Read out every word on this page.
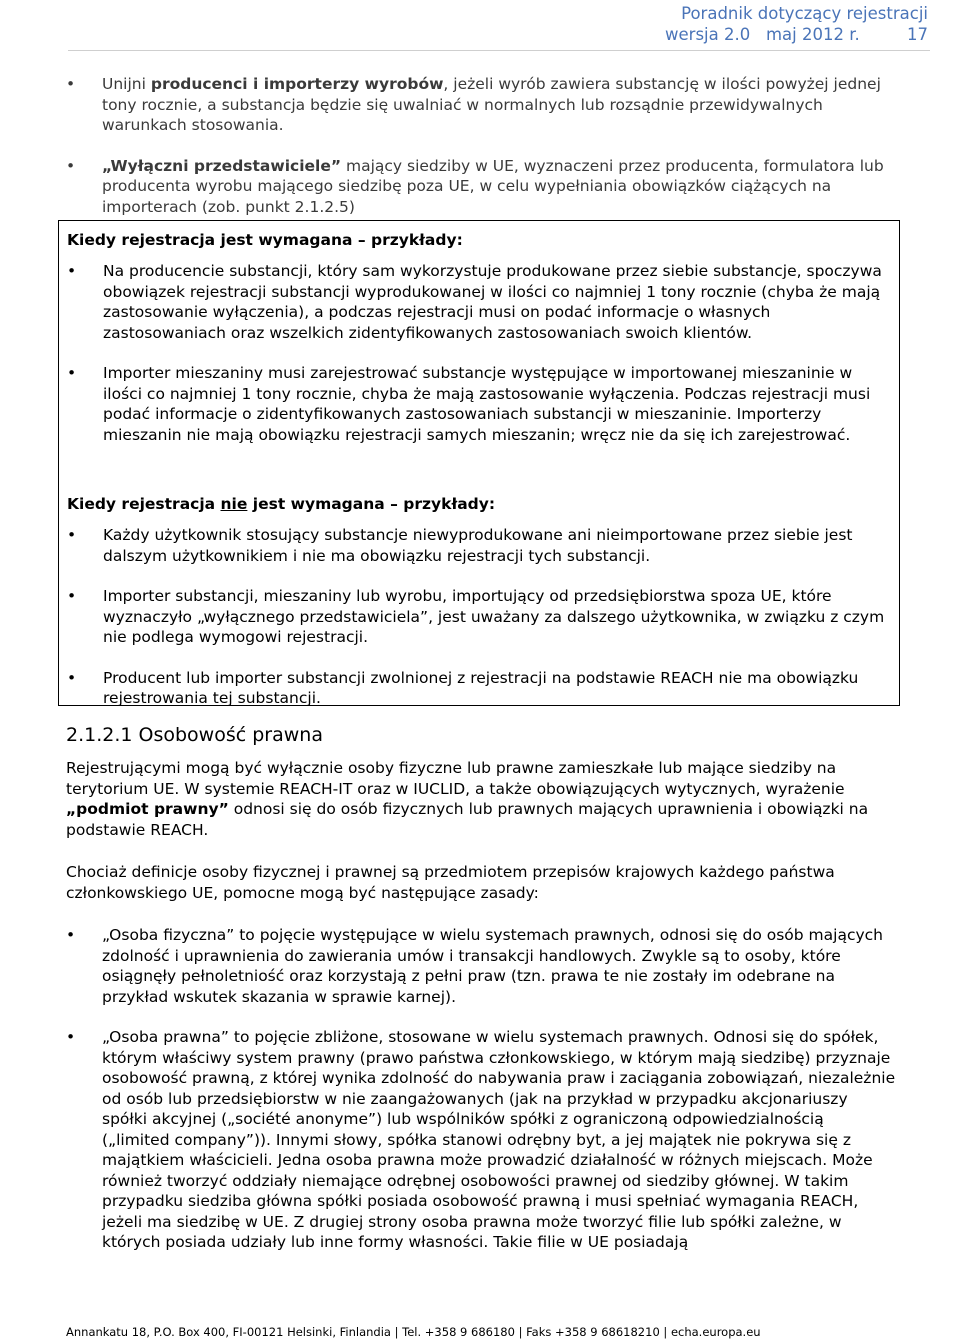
Poradnik dotyczący rejestracji
wersja 2.0 maj 2012 r.	17
• Unijni producenci i importerzy wyrobów, jeżeli wyrób zawiera substancję w ilości powyżej jednej tony rocznie, a substancja będzie się uwalniać w normalnych lub rozsądnie przewidywalnych warunkach stosowania.
• „Wyłączni przedstawiciele” mający siedziby w UE, wyznaczeni przez producenta, formulatora lub producenta wyrobu mającego siedzibę poza UE, w celu wypełniania obowiązków ciążących na importerach (zob. punkt 2.1.2.5)
Kiedy rejestracja jest wymagana – przykłady:
• Na producencie substancji, który sam wykorzystuje produkowane przez siebie substancje, spoczywa obowiązek rejestracji substancji wyprodukowanej w ilości co najmniej 1 tony rocznie (chyba że mają zastosowanie wyłączenia), a podczas rejestracji musi on podać informacje o własnych zastosowaniach oraz wszelkich zidentyfikowanych zastosowaniach swoich klientów.
• Importer mieszaniny musi zarejestrować substancje występujące w importowanej mieszaninie w ilości co najmniej 1 tony rocznie, chyba że mają zastosowanie wyłączenia. Podczas rejestracji musi podać informacje o zidentyfikowanych zastosowaniach substancji w mieszaninie. Importerzy mieszanin nie mają obowiązku rejestracji samych mieszanin; wręcz nie da się ich zarejestrować.
Kiedy rejestracja nie jest wymagana – przykłady:
• Każdy użytkownik stosujący substancje niewyprodukowane ani nieimportowane przez siebie jest dalszym użytkownikiem i nie ma obowiązku rejestracji tych substancji.
• Importer substancji, mieszaniny lub wyrobu, importujący od przedsiębiorstwa spoza UE, które wyznaczyło „wyłącznego przedstawiciela”, jest uważany za dalszego użytkownika, w związku z czym nie podlega wymogowi rejestracji.
• Producent lub importer substancji zwolnionej z rejestracji na podstawie REACH nie ma obowiązku rejestrowania tej substancji.
2.1.2.1 Osobowość prawna

Rejestrującymi mogą być wyłącznie osoby fizyczne lub prawne zamieszkałe lub mające siedziby na terytorium UE. W systemie REACH-IT oraz w IUCLID, a także obowiązujących wytycznych, wyrażenie „podmiot prawny” odnosi się do osób fizycznych lub prawnych mających uprawnienia i obowiązki na podstawie REACH.

Chociaż definicje osoby fizycznej i prawnej są przedmiotem przepisów krajowych każdego państwa członkowskiego UE, pomocne mogą być następujące zasady:

• „Osoba fizyczna” to pojęcie występujące w wielu systemach prawnych, odnosi się do osób mających zdolność i uprawnienia do zawierania umów i transakcji handlowych. Zwykle są to osoby, które osiągnęły pełnoletniość oraz korzystają z pełni praw (tzn. prawa te nie zostały im odebrane na przykład wskutek skazania w sprawie karnej).
• „Osoba prawna” to pojęcie zbliżone, stosowane w wielu systemach prawnych. Odnosi się do spółek, którym właściwy system prawny (prawo państwa członkowskiego, w którym mają siedzibę) przyznaje osobowość prawną, z której wynika zdolność do nabywania praw i zaciągania zobowiązań, niezależnie od osób lub przedsiębiorstw w nie zaangażowanych (jak na przykład w przypadku akcjonariuszy spółki akcyjnej („société anonyme”) lub wspólników spółki z ograniczoną odpowiedzialnością („limited company”)). Innymi słowy, spółka stanowi odrębny byt, a jej majątek nie pokrywa się z majątkiem właścicieli. Jedna osoba prawna może prowadzić działalność w różnych miejscach. Może również tworzyć oddziały niemające odrębnej osobowości prawnej od siedziby głównej. W takim przypadku siedziba główna spółki posiada osobowość prawną i musi spełniać wymagania REACH, jeżeli ma siedzibę w UE. Z drugiej strony osoba prawna może tworzyć filie lub spółki zależne, w których posiada udziały lub inne formy własności. Takie filie w UE posiadają
Annankatu 18, P.O. Box 400, FI-00121 Helsinki, Finlandia | Tel. +358 9 686180 | Faks +358 9 68618210 | echa.europa.eu
